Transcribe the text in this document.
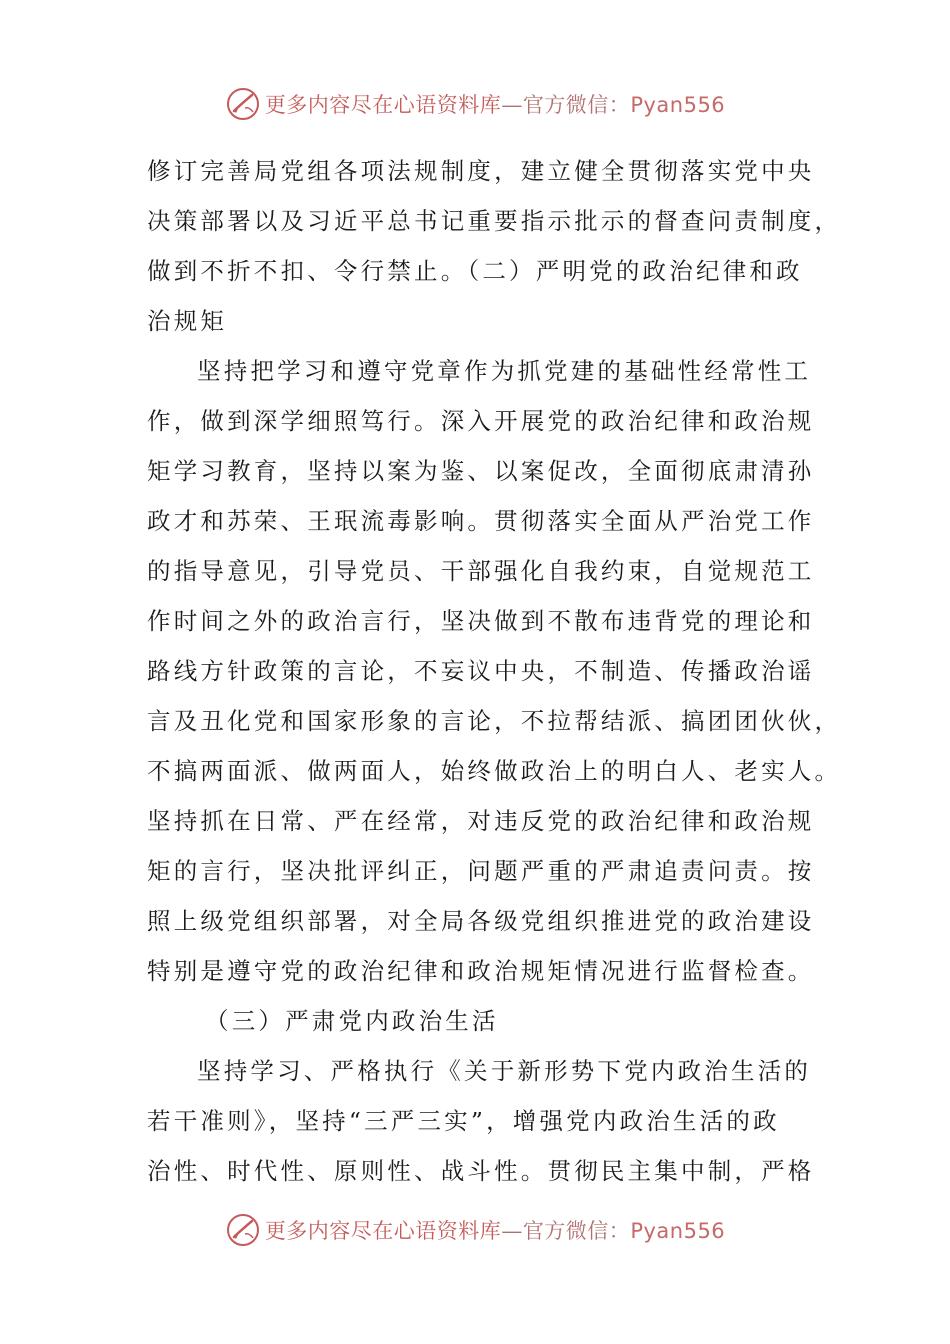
更多内容尽在心语资料库—官方微信：Pyan556
修订完善局党组各项法规制度，建立健全贯彻落实党中央
决策部署以及习近平总书记重要指示批示的督查问责制度，
做到不折不扣、令行禁止。（二）严明党的政治纪律和政
治规矩
坚持把学习和遵守党章作为抓党建的基础性经常性工
作，做到深学细照笃行。深入开展党的政治纪律和政治规
矩学习教育，坚持以案为鉴、以案促改，全面彻底肃清孙
政才和苏荣、王珉流毒影响。贯彻落实全面从严治党工作
的指导意见，引导党员、干部强化自我约束，自觉规范工
作时间之外的政治言行，坚决做到不散布违背党的理论和
路线方针政策的言论，不妄议中央，不制造、传播政治谣
言及丑化党和国家形象的言论，不拉帮结派、搞团团伙伙，
不搞两面派、做两面人，始终做政治上的明白人、老实人。
坚持抓在日常、严在经常，对违反党的政治纪律和政治规
矩的言行，坚决批评纠正，问题严重的严肃追责问责。按
照上级党组织部署，对全局各级党组织推进党的政治建设
特别是遵守党的政治纪律和政治规矩情况进行监督检查。
（三）严肃党内政治生活
坚持学习、严格执行《关于新形势下党内政治生活的
若干准则》，坚持“三严三实”，增强党内政治生活的政
治性、时代性、原则性、战斗性。贯彻民主集中制，严格
更多内容尽在心语资料库—官方微信：Pyan556
